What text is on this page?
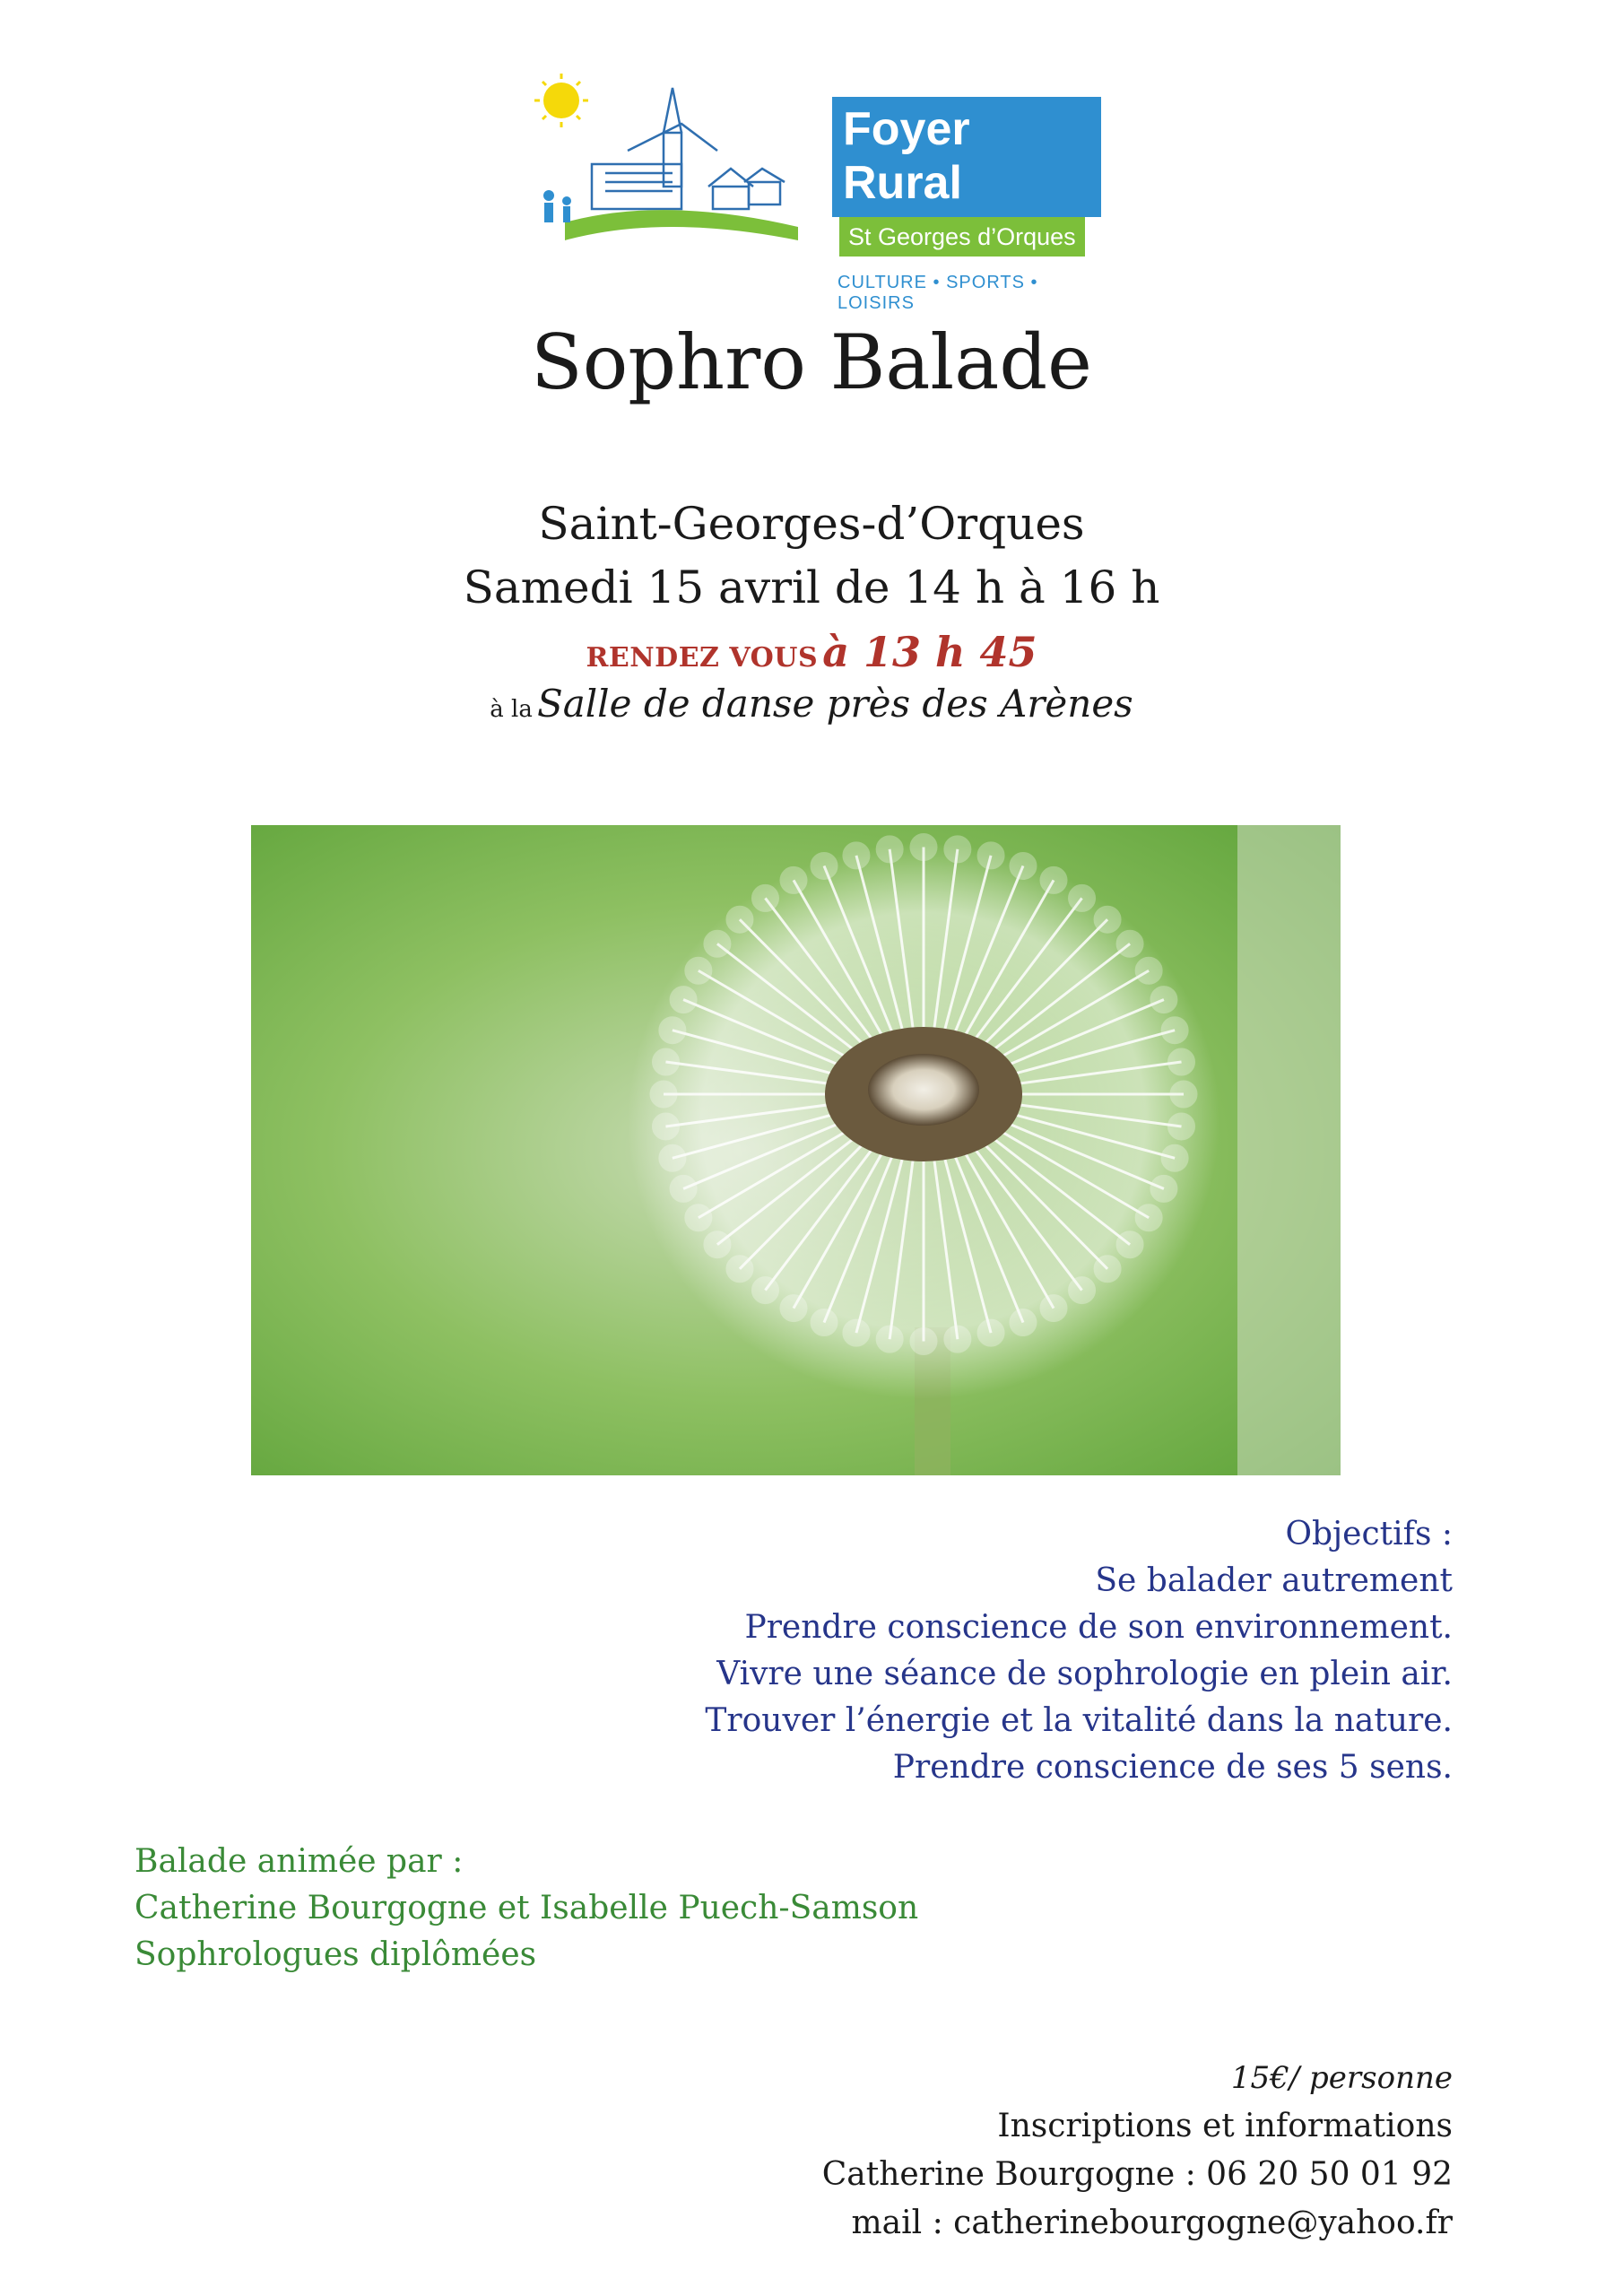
Foyer Rural
St Georges d’Orques
CULTURE • SPORTS • LOISIRS
Sophro Balade
Saint-Georges-d’Orques
Samedi 15 avril de 14 h à 16 h
RENDEZ VOUS à 13 h 45
à la Salle de danse près des Arènes
Objectifs :
Se balader autrement
Prendre conscience de son environnement.
Vivre une séance de sophrologie en plein air.
Trouver l’énergie et la vitalité dans la nature.
Prendre conscience de ses 5 sens.
Balade animée par :
Catherine Bourgogne et Isabelle Puech-Samson
Sophrologues diplômées
15€/ personne
Inscriptions et informations
Catherine Bourgogne : 06 20 50 01 92
mail : catherinebourgogne@yahoo.fr
